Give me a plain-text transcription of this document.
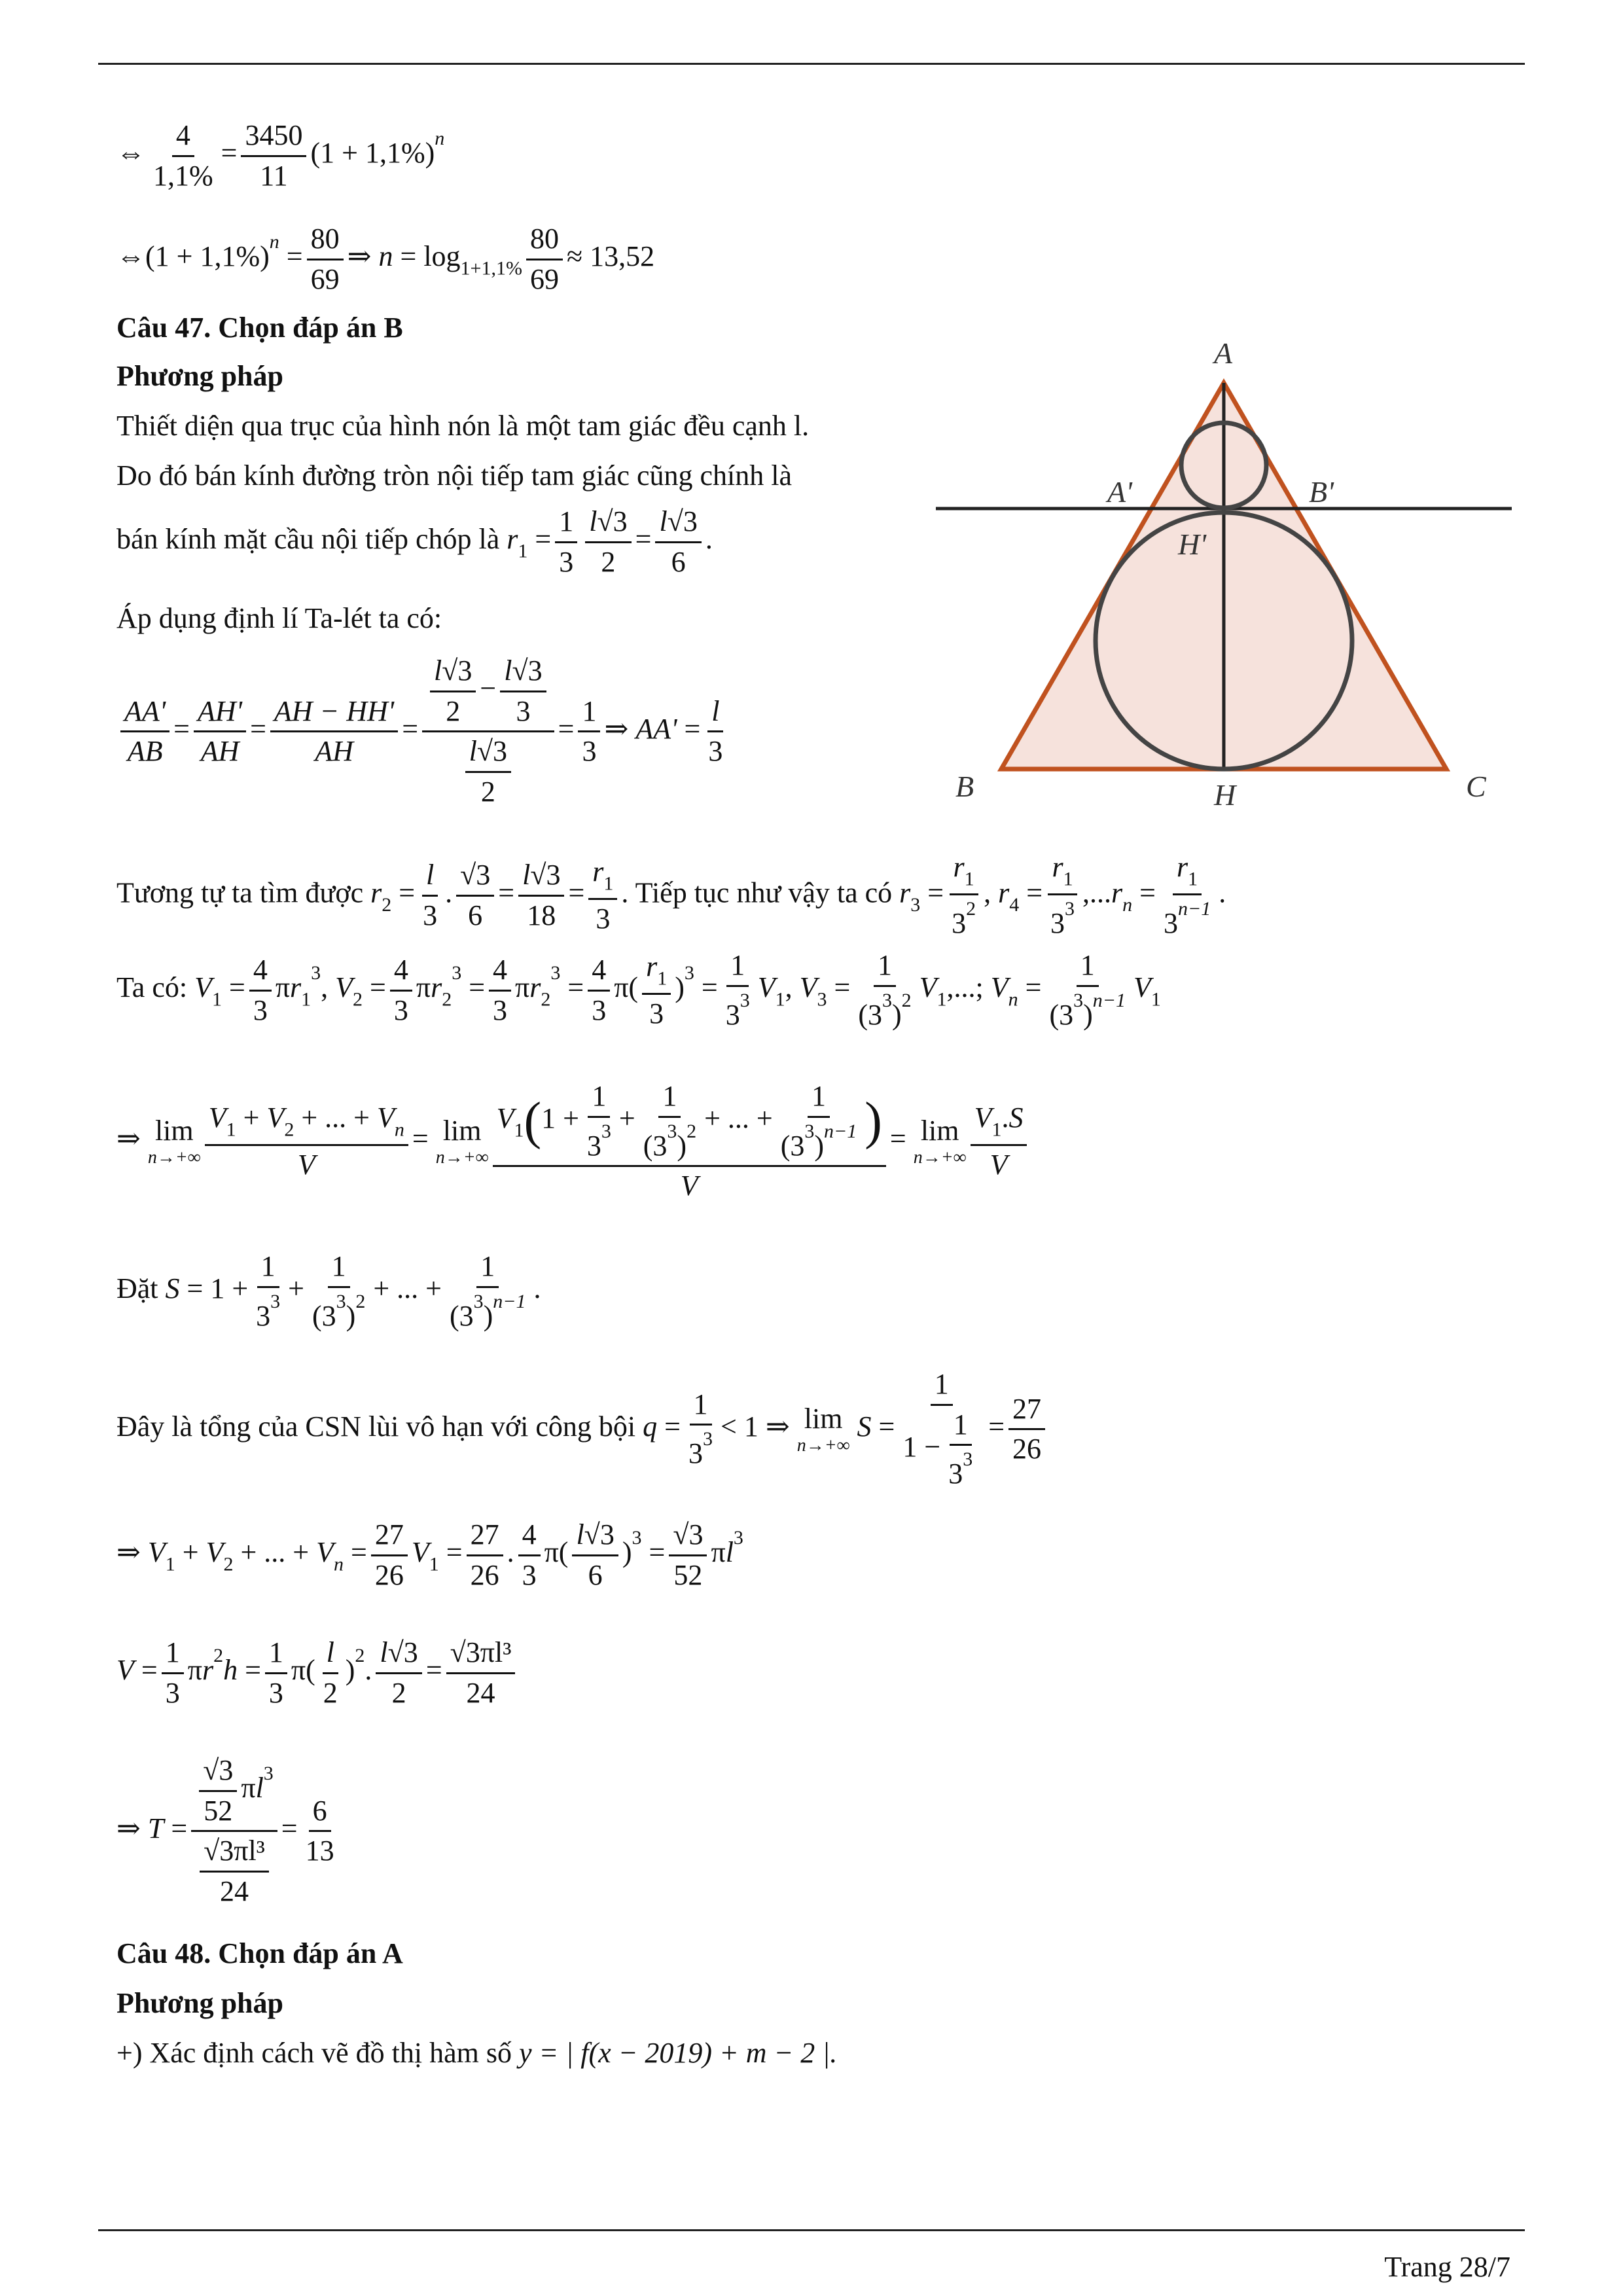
⇔ $\frac{4}{1,1\%} = \frac{3450}{11} (1 + 1,1\%)^n$
⇔(1 + $1,1\%)^n = \frac{80}{69}$ ⇒ $n = \log_{1+1,1\%} \frac{80}{69} \approx 13,52$
Câu 47. Chọn đáp án B
Phương pháp
Thiết diện qua trục của hình nón là một tam giác đều cạnh l.
Do đó bán kính đường tròn nội tiếp tam giác cũng chính là
bán kính mặt cầu nội tiếp chóp là $r_1 = \frac{1}{3} \frac{l√3}{2} = \frac{l√3}{6}$ .
Áp dụng định lí Ta-lét ta có:
$\frac{AA'}{AB} = \frac{AH'}{AH} = \frac{AH - HH'}{AH} = \frac{\frac{l√3}{2} - \frac{l√3}{3}}{\frac{l√3}{2}} = \frac{1}{3}$ ⇒ $AA' = \frac{l}{3}$
Tương tự ta tìm được $r_2 = \frac{l}{3}$ . $\frac{√3}{6} = \frac{l√3}{18} = \frac{r_1}{3}$ . Tiếp tục như vậy ta có $r_3 = \frac{r_1}{3^2}$ , $r_4 = \frac{r_1}{3^3} ,...r_n = \frac{r_1}{3^{n-1}}$ .
Ta có: $V_1 = \frac{4}{3} \pi r_1^3$, $V_2 = \frac{4}{3} \pi r_2^3 = \frac{4}{3} \pi r_2^3 = \frac{4}{3} \pi( \frac{r_1}{3} )^3 = \frac{1}{3^3} V_1$, $V_3 = \frac{1}{(3^3)^2} V_1$,...; $V_n = \frac{1}{(3^3)^{n-1}} V_1$
⇒ lim
$n\to+\infty \frac{V_1 + V_2 + ... + V_n}{V} = \lim$
$n\to+\infty \frac{V_1(1 + \frac{1}{3^3} + \frac{1}{(3^3)^2} + ... + \frac{1}{(3^3)^{n-1}} )}{V} = \lim$
$n\to+\infty \frac{V_1.S}{V}$
Đặt $S = 1 + \frac{1}{3^3} + \frac{1}{(3^3)^2}$ + ... + $\frac{1}{(3^3)^{n-1}}$ .
Đây là tổng của CSN lùi vô hạn với công bội $q = \frac{1}{3^3} < 1$ ⇒ lim
n→+∞
$S = \frac{1}{1 - \frac{1}{3^3}} = \frac{27}{26}$
⇒ $V_1 + V_2$ + ... + $V_n = \frac{27}{26} V_1 = \frac{27}{26}$ . $\frac{4}{3} \pi( \frac{l√3}{6} )^3 = \frac{√3}{52} \pi l^3$
$V = \frac{1}{3} \pi r^2h = \frac{1}{3} \pi( \frac{l}{2} )^2$. $\frac{l√3}{2} = \frac{\text{√3πl³}}{24}$
⇒ $T = \frac{\frac{√3}{52} \pi l^3}{\frac{\text{√3πl³}}{24}} = \frac{6}{13}$
Câu 48. Chọn đáp án A
Phương pháp
+) Xác định cách vẽ đồ thị hàm số y = | f(x − 2019) + m − 2 |.
A
A'	B'
H'
B	H	C
Trang 28/7
